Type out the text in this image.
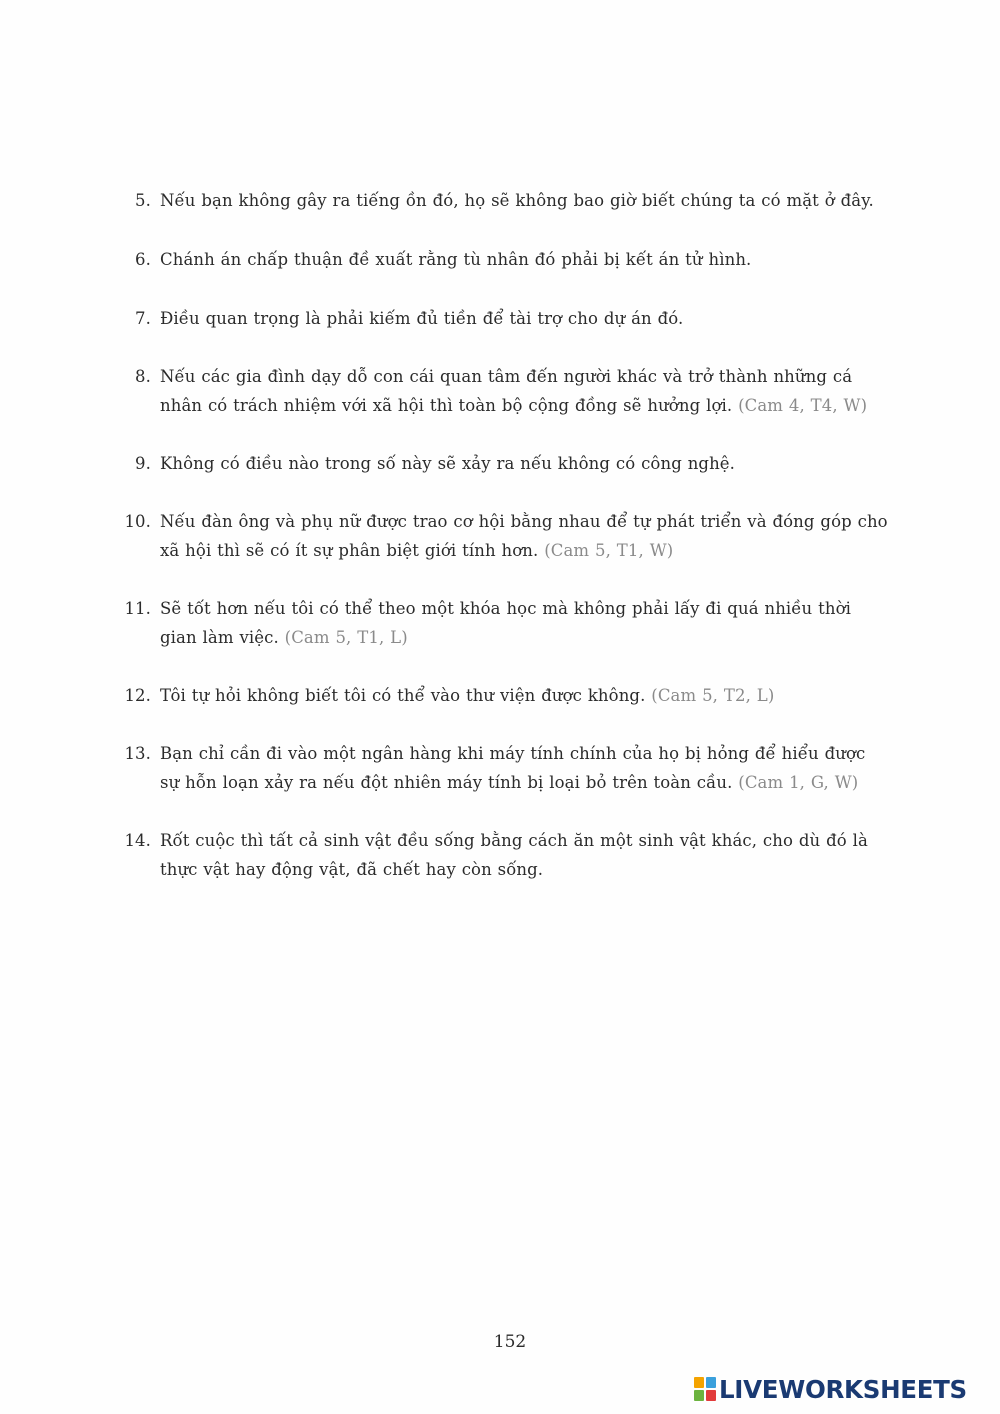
5. Nếu bạn không gây ra tiếng ồn đó, họ sẽ không bao giờ biết chúng ta có mặt ở đây.
6. Chánh án chấp thuận đề xuất rằng tù nhân đó phải bị kết án tử hình.
7. Điều quan trọng là phải kiếm đủ tiền để tài trợ cho dự án đó.
8. Nếu các gia đình dạy dỗ con cái quan tâm đến người khác và trở thành những cá nhân có trách nhiệm với xã hội thì toàn bộ cộng đồng sẽ hưởng lợi. (Cam 4, T4, W)
9. Không có điều nào trong số này sẽ xảy ra nếu không có công nghệ.
10. Nếu đàn ông và phụ nữ được trao cơ hội bằng nhau để tự phát triển và đóng góp cho xã hội thì sẽ có ít sự phân biệt giới tính hơn. (Cam 5, T1, W)
11. Sẽ tốt hơn nếu tôi có thể theo một khóa học mà không phải lấy đi quá nhiều thời gian làm việc. (Cam 5, T1, L)
12. Tôi tự hỏi không biết tôi có thể vào thư viện được không. (Cam 5, T2, L)
13. Bạn chỉ cần đi vào một ngân hàng khi máy tính chính của họ bị hỏng để hiểu được sự hỗn loạn xảy ra nếu đột nhiên máy tính bị loại bỏ trên toàn cầu. (Cam 1, G, W)
14. Rốt cuộc thì tất cả sinh vật đều sống bằng cách ăn một sinh vật khác, cho dù đó là thực vật hay động vật, đã chết hay còn sống.
152
LIVEWORKSHEETS
